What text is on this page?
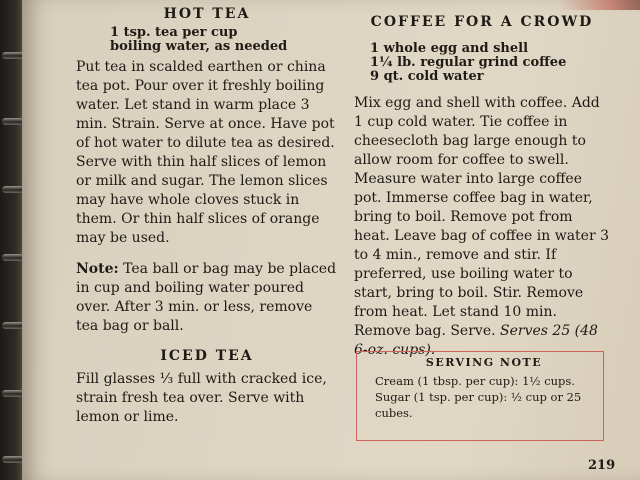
HOT TEA
1 tsp. tea per cup
boiling water, as needed

Put tea in scalded earthen or china tea pot. Pour over it freshly boiling water. Let stand in warm place 3 min. Strain. Serve at once. Have pot of hot water to dilute tea as desired. Serve with thin half slices of lemon or milk and sugar. The lemon slices may have whole cloves stuck in them. Or thin half slices of orange may be used.

Note: Tea ball or bag may be placed in cup and boiling water poured over. After 3 min. or less, remove tea bag or ball.

ICED TEA

Fill glasses ⅓ full with cracked ice, strain fresh tea over. Serve with lemon or lime.

COFFEE FOR A CROWD
1 whole egg and shell
1¼ lb. regular grind coffee
9 qt. cold water

Mix egg and shell with coffee. Add 1 cup cold water. Tie coffee in cheesecloth bag large enough to allow room for coffee to swell. Measure water into large coffee pot. Immerse coffee bag in water, bring to boil. Remove pot from heat. Leave bag of coffee in water 3 to 4 min., remove and stir. If preferred, use boiling water to start, bring to boil. Stir. Remove from heat. Let stand 10 min. Remove bag. Serve. Serves 25 (48 6-oz. cups).

SERVING NOTE

Cream (1 tbsp. per cup): 1½ cups.

Sugar (1 tsp. per cup): ½ cup or 25 cubes.

219
